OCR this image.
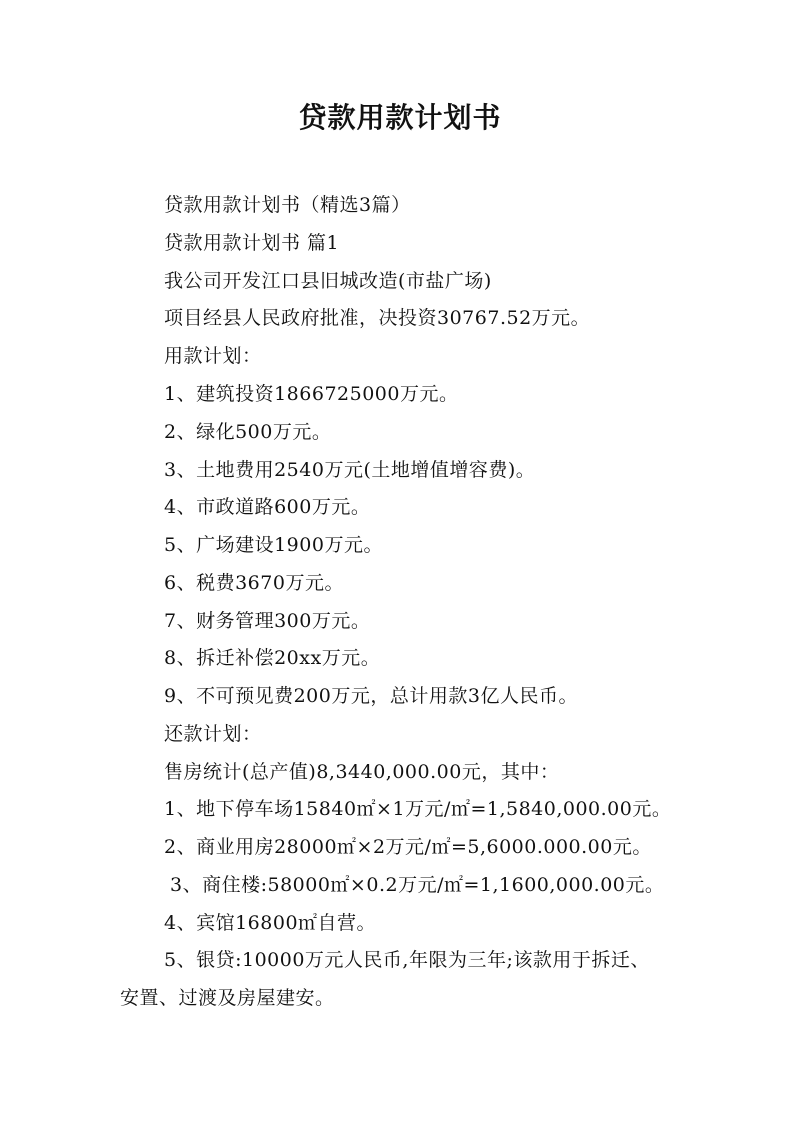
贷款用款计划书
贷款用款计划书（精选3篇）
贷款用款计划书 篇1
我公司开发江口县旧城改造(市盐广场)
项目经县人民政府批准，决投资30767.52万元。
用款计划：
1、建筑投资1866725000万元。
2、绿化500万元。
3、土地费用2540万元(土地增值增容费)。
4、市政道路600万元。
5、广场建设1900万元。
6、税费3670万元。
7、财务管理300万元。
8、拆迁补偿20xx万元。
9、不可预见费200万元，总计用款3亿人民币。
还款计划：
售房统计(总产值)8,3440,000.00元，其中：
1、地下停车场15840㎡×1万元/㎡=1,5840,000.00元。
2、商业用房28000㎡×2万元/㎡=5,6000.000.00元。
3、商住楼:58000㎡×0.2万元/㎡=1,1600,000.00元。
4、宾馆16800㎡自营。
5、银贷:10000万元人民币,年限为三年;该款用于拆迁、
安置、过渡及房屋建安。
